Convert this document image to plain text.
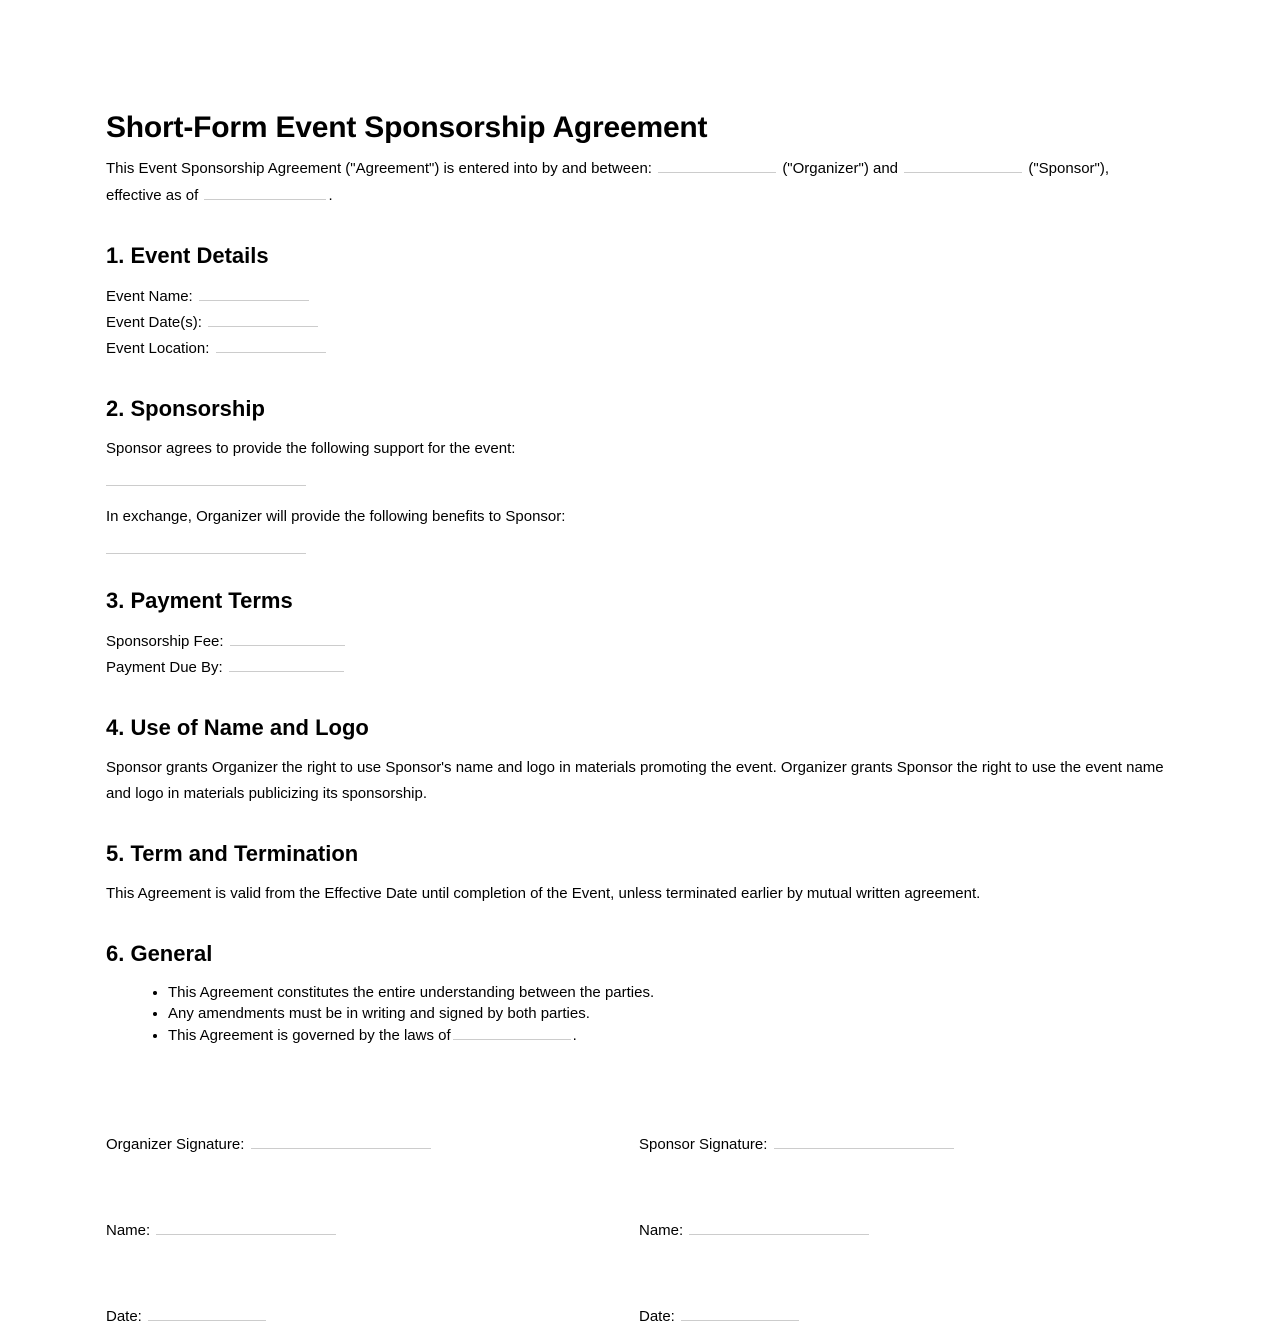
Short-Form Event Sponsorship Agreement

This Event Sponsorship Agreement ("Agreement") is entered into by and between:	("Organizer") and	("Sponsor"), effective as of	.

1. Event Details

Event Name:

Event Date(s):

Event Location:

2. Sponsorship

Sponsor agrees to provide the following support for the event:

In exchange, Organizer will provide the following benefits to Sponsor:

3. Payment Terms

Sponsorship Fee:

Payment Due By:

4. Use of Name and Logo

Sponsor grants Organizer the right to use Sponsor's name and logo in materials promoting the event. Organizer grants Sponsor the right to use the event name and logo in materials publicizing its sponsorship.

5. Term and Termination

This Agreement is valid from the Effective Date until completion of the Event, unless terminated earlier by mutual written agreement.

6. General
• This Agreement constitutes the entire understanding between the parties.
• Any amendments must be in writing and signed by both parties.
• This Agreement is governed by the laws of	.
Organizer Signature:
Name:
Date:
Sponsor Signature:
Name:
Date:
